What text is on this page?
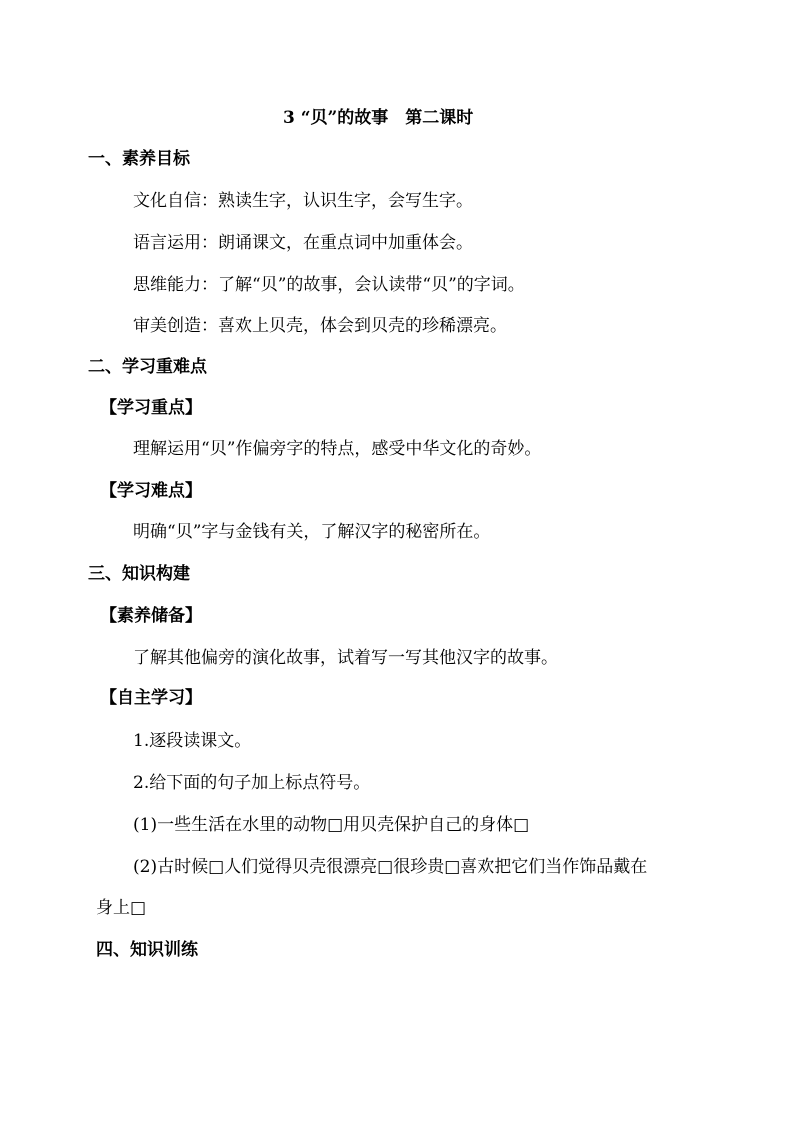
3 “贝”的故事　第二课时
一、素养目标
文化自信：熟读生字，认识生字，会写生字。
语言运用：朗诵课文，在重点词中加重体会。
思维能力：了解“贝”的故事，会认读带“贝”的字词。
审美创造：喜欢上贝壳，体会到贝壳的珍稀漂亮。
二、学习重难点
【学习重点】
理解运用“贝”作偏旁字的特点，感受中华文化的奇妙。
【学习难点】
明确“贝”字与金钱有关，了解汉字的秘密所在。
三、知识构建
【素养储备】
了解其他偏旁的演化故事，试着写一写其他汉字的故事。
【自主学习】
1.逐段读课文。
2.给下面的句子加上标点符号。
(1)一些生活在水里的动物□用贝壳保护自己的身体□
(2)古时候□人们觉得贝壳很漂亮□很珍贵□喜欢把它们当作饰品戴在
身上□
四、知识训练
